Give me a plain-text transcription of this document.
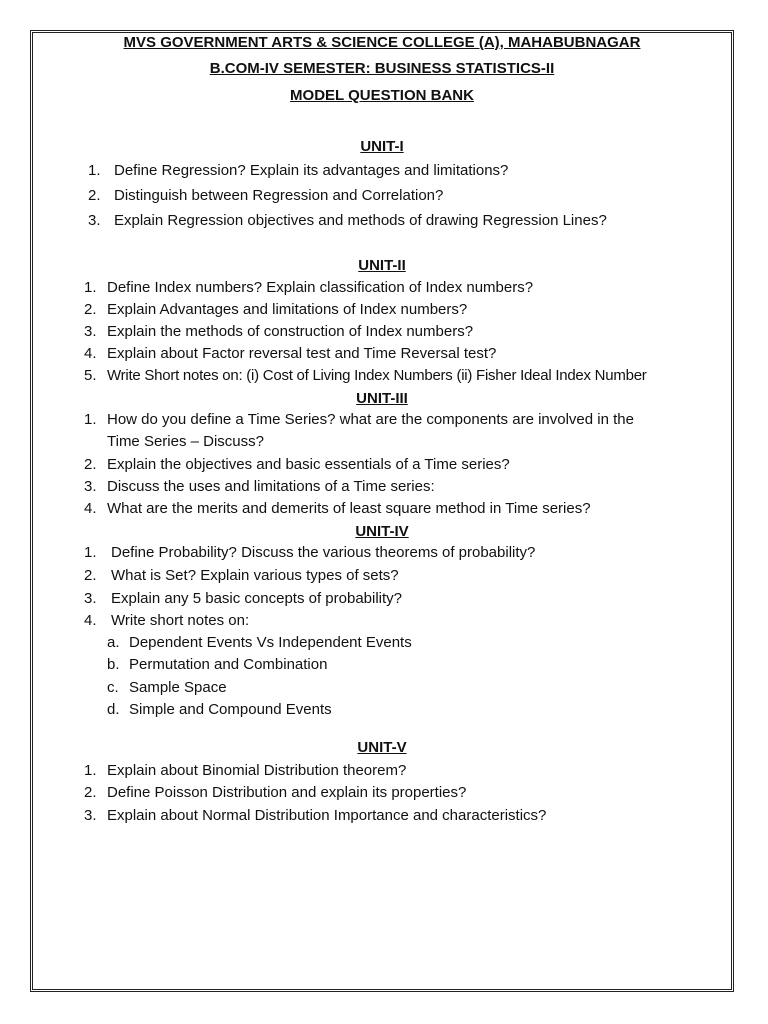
MVS GOVERNMENT ARTS & SCIENCE COLLEGE (A), MAHABUBNAGAR
B.COM-IV SEMESTER: BUSINESS STATISTICS-II
MODEL QUESTION BANK
UNIT-I
1. Define Regression? Explain its advantages and limitations?
2. Distinguish between Regression and Correlation?
3. Explain Regression objectives and methods of drawing Regression Lines?
UNIT-II
1. Define Index numbers? Explain classification of Index numbers?
2. Explain Advantages and limitations of Index numbers?
3. Explain the methods of construction of Index numbers?
4. Explain about Factor reversal test and Time Reversal test?
5. Write Short notes on: (i) Cost of Living Index Numbers (ii) Fisher Ideal Index Number
UNIT-III
1. How do you define a Time Series? what are the components are involved in the
Time Series – Discuss?
2. Explain the objectives and basic essentials of a Time series?
3. Discuss the uses and limitations of a Time series:
4. What are the merits and demerits of least square method in Time series?
UNIT-IV
1. Define Probability? Discuss the various theorems of probability?
2. What is Set? Explain various types of sets?
3. Explain any 5 basic concepts of probability?
4. Write short notes on:
a. Dependent Events Vs Independent Events
b. Permutation and Combination
c. Sample Space
d. Simple and Compound Events
UNIT-V
1. Explain about Binomial Distribution theorem?
2. Define Poisson Distribution and explain its properties?
3. Explain about Normal Distribution Importance and characteristics?
